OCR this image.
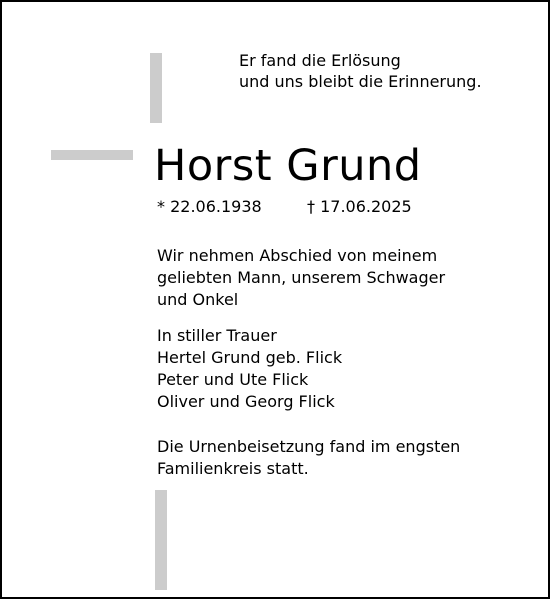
Er fand die Erlösung
und uns bleibt die Erinnerung.

Horst Grund
* 22.06.1938	† 17.06.2025

Wir nehmen Abschied von meinem
geliebten Mann, unserem Schwager
und Onkel

In stiller Trauer
Hertel Grund geb. Flick
Peter und Ute Flick
Oliver und Georg Flick

Die Urnenbeisetzung fand im engsten
Familienkreis statt.
